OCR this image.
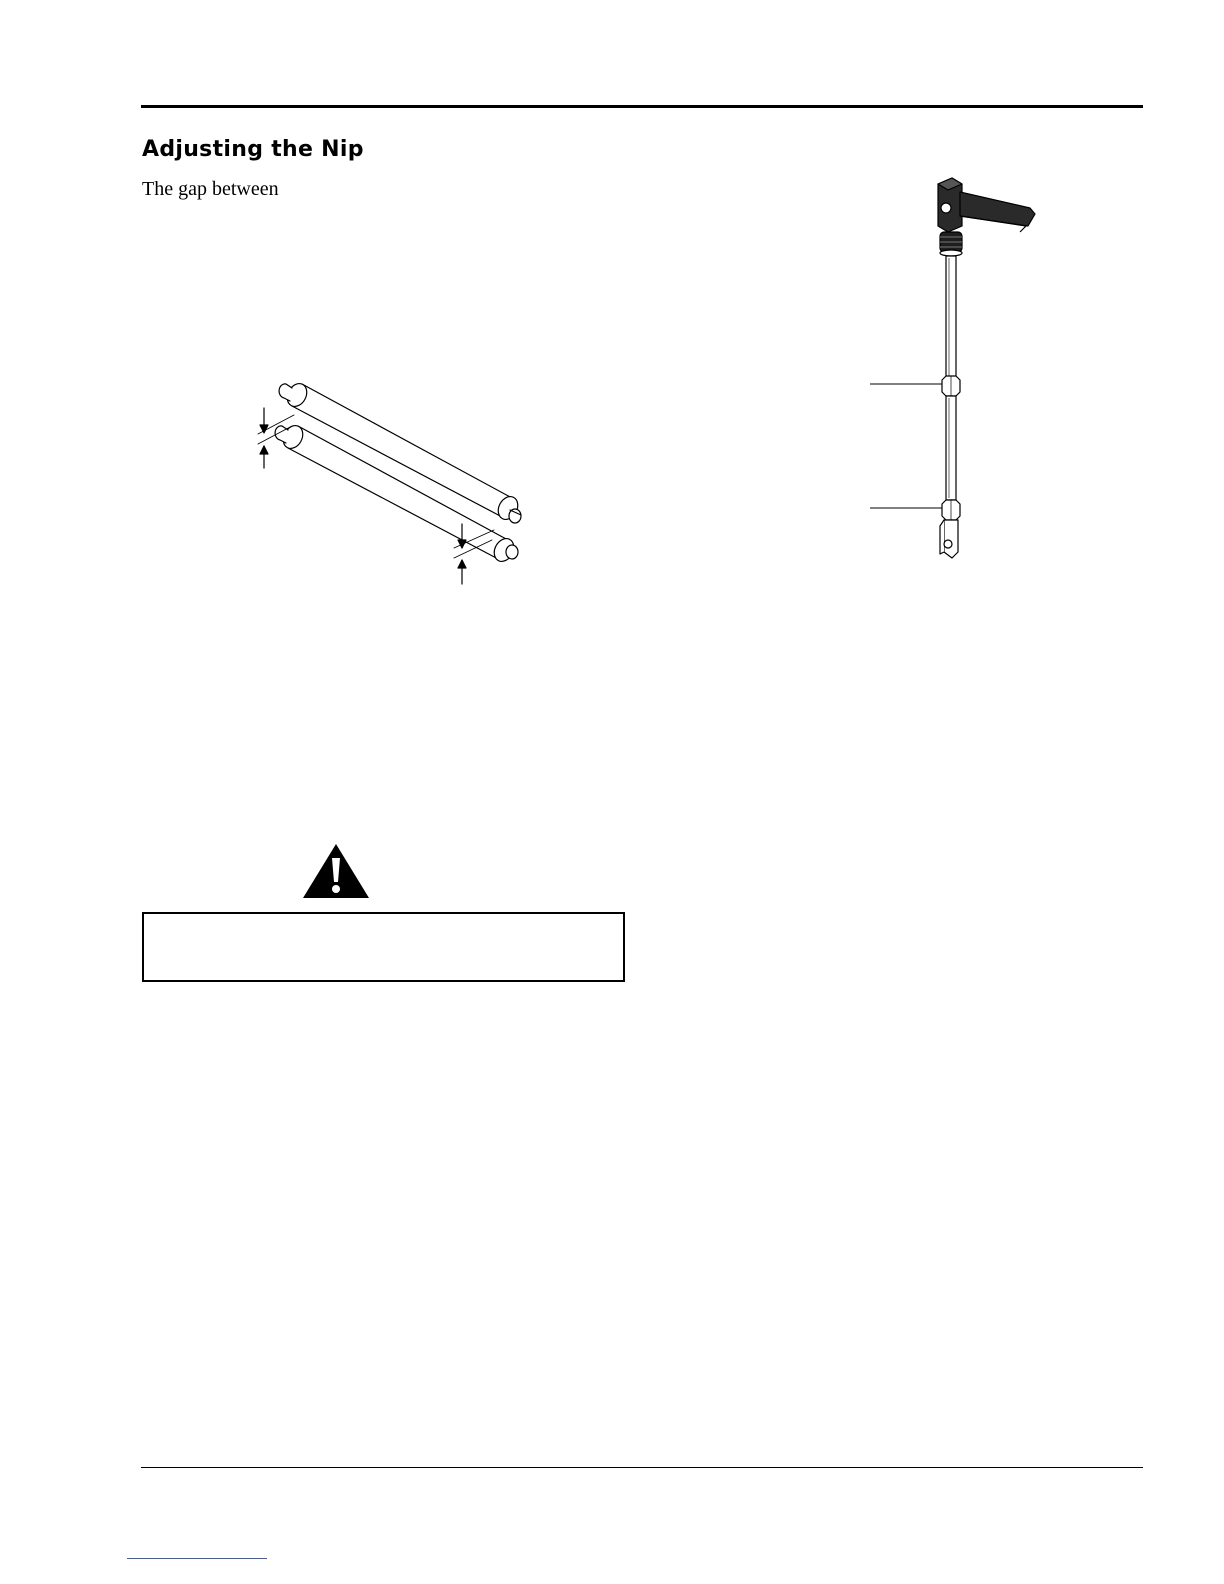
Adjusting the Nip

The gap between
